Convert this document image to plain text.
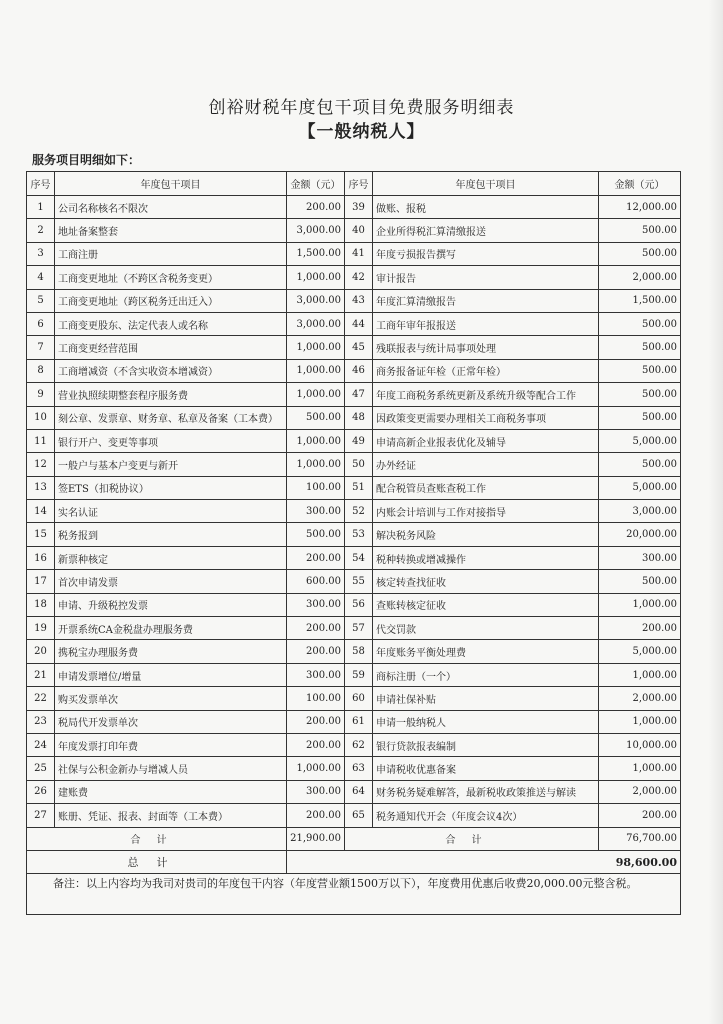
创裕财税年度包干项目免费服务明细表
【一般纳税人】
服务项目明细如下：
序号	年度包干项目	金额（元）	序号	年度包干项目	金额（元）
1	公司名称核名不限次	200.00	39	做账、报税	12,000.00
2	地址备案整套	3,000.00	40	企业所得税汇算清缴报送	500.00
3	工商注册	1,500.00	41	年度亏损报告撰写	500.00
4	工商变更地址（不跨区含税务变更）	1,000.00	42	审计报告	2,000.00
5	工商变更地址（跨区税务迁出迁入）	3,000.00	43	年度汇算清缴报告	1,500.00
6	工商变更股东、法定代表人或名称	3,000.00	44	工商年审年报报送	500.00
7	工商变更经营范围	1,000.00	45	残联报表与统计局事项处理	500.00
8	工商增减资（不含实收资本增减资）	1,000.00	46	商务报备证年检（正常年检）	500.00
9	营业执照续期整套程序服务费	1,000.00	47	年度工商税务系统更新及系统升级等配合工作	500.00
10	刻公章、发票章、财务章、私章及备案（工本费）	500.00	48	因政策变更需要办理相关工商税务事项	500.00
11	银行开户、变更等事项	1,000.00	49	申请高新企业报表优化及辅导	5,000.00
12	一般户与基本户变更与新开	1,000.00	50	办外经证	500.00
13	签ETS（扣税协议）	100.00	51	配合税管员查账查税工作	5,000.00
14	实名认证	300.00	52	内账会计培训与工作对接指导	3,000.00
15	税务报到	500.00	53	解决税务风险	20,000.00
16	新票种核定	200.00	54	税种转换或增减操作	300.00
17	首次申请发票	600.00	55	核定转查找征收	500.00
18	申请、升级税控发票	300.00	56	查账转核定征收	1,000.00
19	开票系统CA金税盘办理服务费	200.00	57	代交罚款	200.00
20	携税宝办理服务费	200.00	58	年度账务平衡处理费	5,000.00
21	申请发票增位/增量	300.00	59	商标注册（一个）	1,000.00
22	购买发票单次	100.00	60	申请社保补贴	2,000.00
23	税局代开发票单次	200.00	61	申请一般纳税人	1,000.00
24	年度发票打印年费	200.00	62	银行贷款报表编制	10,000.00
25	社保与公积金新办与增减人员	1,000.00	63	申请税收优惠备案	1,000.00
26	建账费	300.00	64	财务税务疑难解答，最新税收政策推送与解读	2,000.00
27	账册、凭证、报表、封面等（工本费）	200.00	65	税务通知代开会（年度会议4次）	200.00
合计		21,900.00	合计		76,700.00
总计		98,600.00			
备注：以上内容均为我司对贵司的年度包干内容（年度营业额1500万以下），年度费用优惠后收费20,000.00元整含税。					
